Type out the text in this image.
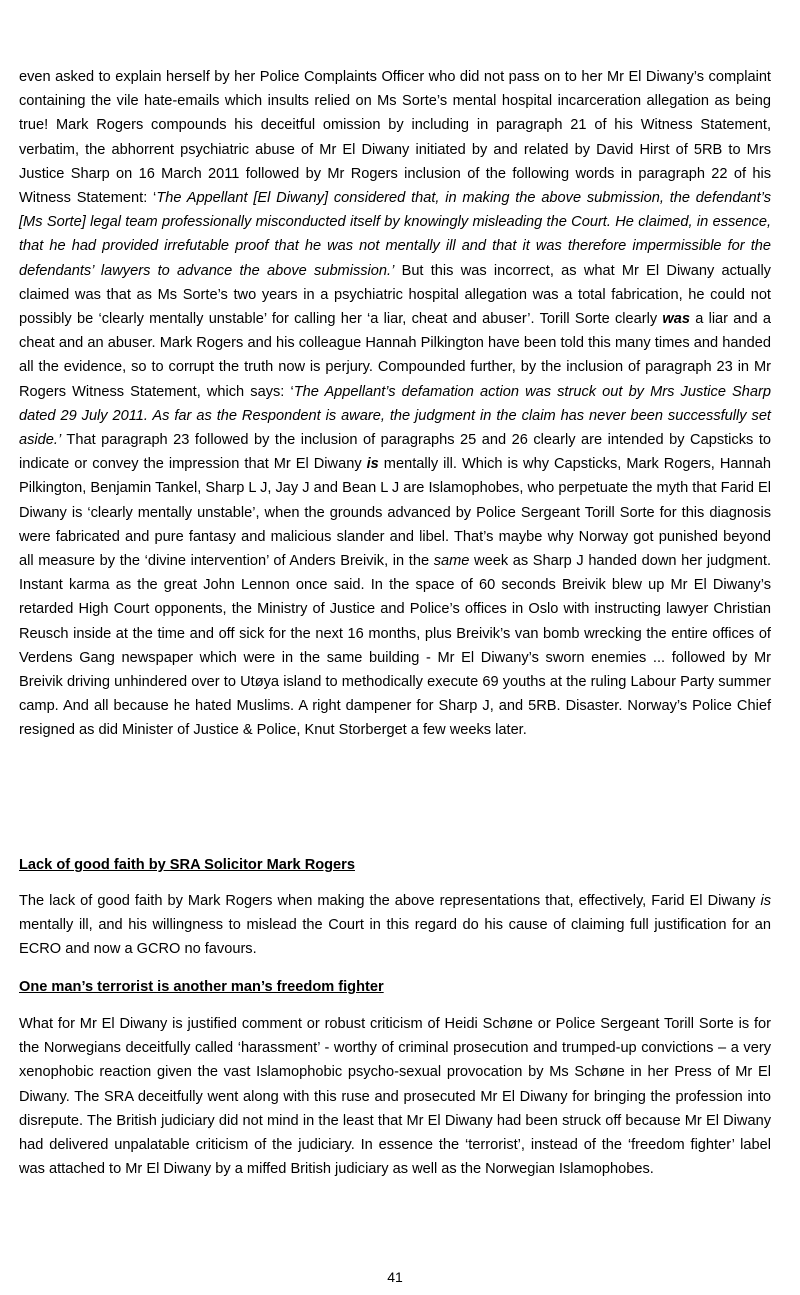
even asked to explain herself by her Police Complaints Officer who did not pass on to her Mr El Diwany’s complaint containing the vile hate-emails which insults relied on Ms Sorte’s mental hospital incarceration allegation as being true! Mark Rogers compounds his deceitful omission by including in paragraph 21 of his Witness Statement, verbatim, the abhorrent psychiatric abuse of Mr El Diwany initiated by and related by David Hirst of 5RB to Mrs Justice Sharp on 16 March 2011 followed by Mr Rogers inclusion of the following words in paragraph 22 of his Witness Statement: ‘The Appellant [El Diwany] considered that, in making the above submission, the defendant’s [Ms Sorte] legal team professionally misconducted itself by knowingly misleading the Court. He claimed, in essence, that he had provided irrefutable proof that he was not mentally ill and that it was therefore impermissible for the defendants’ lawyers to advance the above submission.’ But this was incorrect, as what Mr El Diwany actually claimed was that as Ms Sorte’s two years in a psychiatric hospital allegation was a total fabrication, he could not possibly be ‘clearly mentally unstable’ for calling her ‘a liar, cheat and abuser’. Torill Sorte clearly was a liar and a cheat and an abuser. Mark Rogers and his colleague Hannah Pilkington have been told this many times and handed all the evidence, so to corrupt the truth now is perjury. Compounded further, by the inclusion of paragraph 23 in Mr Rogers Witness Statement, which says: ‘The Appellant’s defamation action was struck out by Mrs Justice Sharp dated 29 July 2011. As far as the Respondent is aware, the judgment in the claim has never been successfully set aside.’ That paragraph 23 followed by the inclusion of paragraphs 25 and 26 clearly are intended by Capsticks to indicate or convey the impression that Mr El Diwany is mentally ill. Which is why Capsticks, Mark Rogers, Hannah Pilkington, Benjamin Tankel, Sharp L J, Jay J and Bean L J are Islamophobes, who perpetuate the myth that Farid El Diwany is ‘clearly mentally unstable’, when the grounds advanced by Police Sergeant Torill Sorte for this diagnosis were fabricated and pure fantasy and malicious slander and libel. That’s maybe why Norway got punished beyond all measure by the ‘divine intervention’ of Anders Breivik, in the same week as Sharp J handed down her judgment. Instant karma as the great John Lennon once said. In the space of 60 seconds Breivik blew up Mr El Diwany’s retarded High Court opponents, the Ministry of Justice and Police’s offices in Oslo with instructing lawyer Christian Reusch inside at the time and off sick for the next 16 months, plus Breivik’s van bomb wrecking the entire offices of Verdens Gang newspaper which were in the same building - Mr El Diwany’s sworn enemies ... followed by Mr Breivik driving unhindered over to Utøya island to methodically execute 69 youths at the ruling Labour Party summer camp. And all because he hated Muslims. A right dampener for Sharp J, and 5RB. Disaster. Norway’s Police Chief resigned as did Minister of Justice & Police, Knut Storberget a few weeks later.

Lack of good faith by SRA Solicitor Mark Rogers

The lack of good faith by Mark Rogers when making the above representations that, effectively, Farid El Diwany is mentally ill, and his willingness to mislead the Court in this regard do his cause of claiming full justification for an ECRO and now a GCRO no favours.

One man’s terrorist is another man’s freedom fighter

What for Mr El Diwany is justified comment or robust criticism of Heidi Schøne or Police Sergeant Torill Sorte is for the Norwegians deceitfully called ‘harassment’ - worthy of criminal prosecution and trumped-up convictions – a very xenophobic reaction given the vast Islamophobic psycho-sexual provocation by Ms Schøne in her Press of Mr El Diwany. The SRA deceitfully went along with this ruse and prosecuted Mr El Diwany for bringing the profession into disrepute. The British judiciary did not mind in the least that Mr El Diwany had been struck off because Mr El Diwany had delivered unpalatable criticism of the judiciary. In essence the ‘terrorist’, instead of the ‘freedom fighter’ label was attached to Mr El Diwany by a miffed British judiciary as well as the Norwegian Islamophobes.

41
